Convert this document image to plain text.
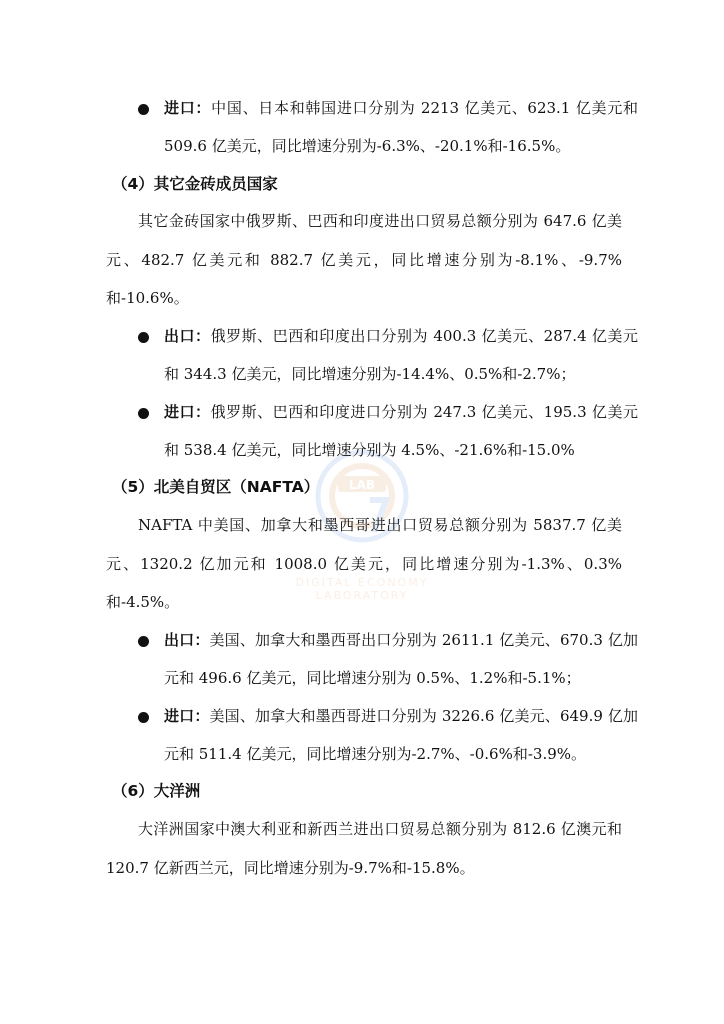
LAB
DIGITAL ECONOMY LABORATORY
进口：中国、日本和韩国进口分别为 2213 亿美元、623.1 亿美元和 509.6 亿美元，同比增速分别为-6.3%、-20.1%和-16.5%。
（4）其它金砖成员国家
其它金砖国家中俄罗斯、巴西和印度进出口贸易总额分别为 647.6 亿美元、482.7 亿美元和 882.7 亿美元，同比增速分别为-8.1%、-9.7%和-10.6%。
出口：俄罗斯、巴西和印度出口分别为 400.3 亿美元、287.4 亿美元和 344.3 亿美元，同比增速分别为-14.4%、0.5%和-2.7%；
进口：俄罗斯、巴西和印度进口分别为 247.3 亿美元、195.3 亿美元和 538.4 亿美元，同比增速分别为 4.5%、-21.6%和-15.0%
（5）北美自贸区（NAFTA）
NAFTA 中美国、加拿大和墨西哥进出口贸易总额分别为 5837.7 亿美元、1320.2 亿加元和 1008.0 亿美元，同比增速分别为-1.3%、0.3%和-4.5%。
出口：美国、加拿大和墨西哥出口分别为 2611.1 亿美元、670.3 亿加元和 496.6 亿美元，同比增速分别为 0.5%、1.2%和-5.1%；
进口：美国、加拿大和墨西哥进口分别为 3226.6 亿美元、649.9 亿加元和 511.4 亿美元，同比增速分别为-2.7%、-0.6%和-3.9%。
（6）大洋洲
大洋洲国家中澳大利亚和新西兰进出口贸易总额分别为 812.6 亿澳元和 120.7 亿新西兰元，同比增速分别为-9.7%和-15.8%。
